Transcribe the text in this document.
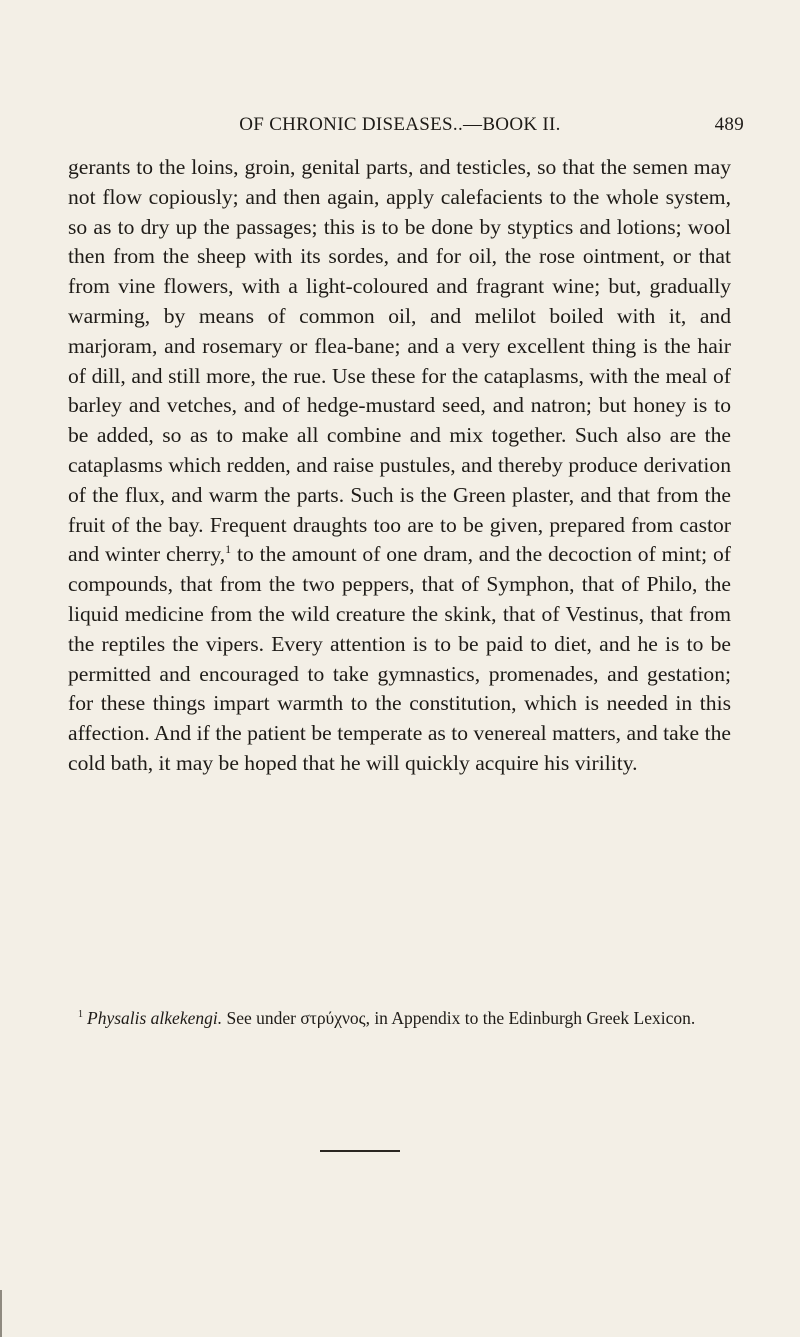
OF CHRONIC DISEASES..—BOOK II.	489

gerants to the loins, groin, genital parts, and testicles, so that the semen may not flow copiously; and then again, apply calefacients to the whole system, so as to dry up the passages; this is to be done by styptics and lotions; wool then from the sheep with its sordes, and for oil, the rose ointment, or that from vine flowers, with a light-coloured and fragrant wine; but, gradually warming, by means of common oil, and melilot boiled with it, and marjoram, and rosemary or flea-bane; and a very excellent thing is the hair of dill, and still more, the rue. Use these for the cataplasms, with the meal of barley and vetches, and of hedge-mustard seed, and natron; but honey is to be added, so as to make all combine and mix together. Such also are the cataplasms which redden, and raise pustules, and thereby produce derivation of the flux, and warm the parts. Such is the Green plaster, and that from the fruit of the bay. Frequent draughts too are to be given, prepared from castor and winter cherry,$^1$ to the amount of one dram, and the decoction of mint; of compounds, that from the two peppers, that of Symphon, that of Philo, the liquid medicine from the wild creature the skink, that of Vestinus, that from the reptiles the vipers. Every attention is to be paid to diet, and he is to be permitted and encouraged to take gymnastics, promenades, and gestation; for these things impart warmth to the constitution, which is needed in this affection. And if the patient be temperate as to venereal matters, and take the cold bath, it may be hoped that he will quickly acquire his virility.

$^1$ Physalis alkekengi. See under στρύχνος, in Appendix to the Edinburgh Greek Lexicon.
